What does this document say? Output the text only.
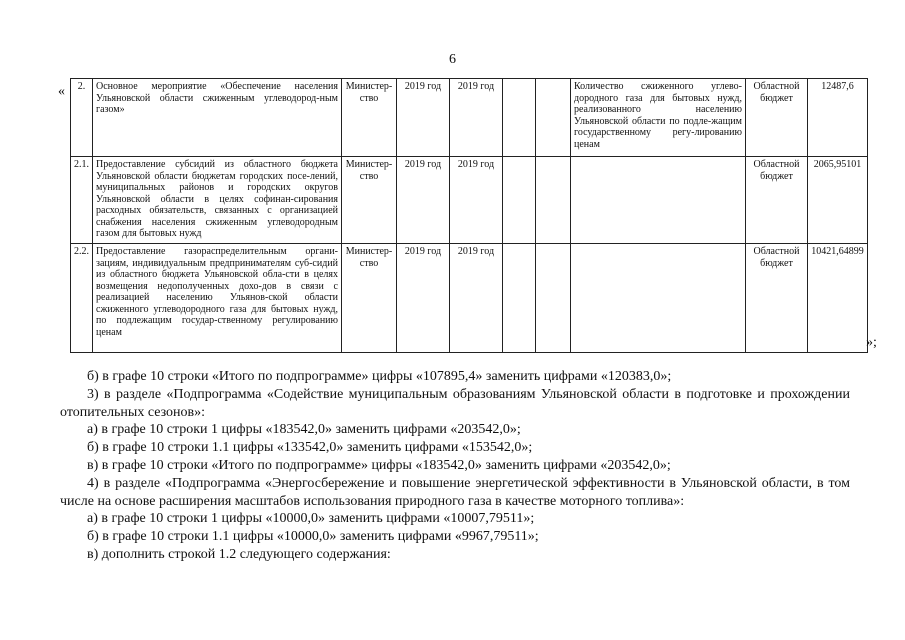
6
« 2.	Основное мероприятие «Обеспечение населения Ульяновской области сжиженным углеводород-ным газом»	Министер-ство	2019 год	2019 год			Количество сжиженного углево-дородного газа для бытовых нужд, реализованного населению Ульяновской области по подле-жащим государственному регу-лированию ценам	Областной бюджет	12487,6
2.1.	Предоставление субсидий из областного бюджета Ульяновской области бюджетам городских посе-лений, муниципальных районов и городских округов Ульяновской области в целях софинан-сирования расходных обязательств, связанных с организацией снабжения населения сжиженным углеводородным газом для бытовых нужд	Министер-ство	2019 год	2019 год				Областной бюджет	2065,95101
2.2.	Предоставление газораспределительным органи-зациям, индивидуальным предпринимателям суб-сидий из областного бюджета Ульяновской обла-сти в целях возмещения недополученных дохо-дов в связи с реализацией населению Ульянов-ской области сжиженного углеводородного газа для бытовых нужд, по подлежащим государ-ственному регулированию ценам	Министер-ство	2019 год	2019 год				Областной бюджет	10421,64899
»;

б) в графе 10 строки «Итого по подпрограмме» цифры «107895,4» заменить цифрами «120383,0»;

3) в разделе «Подпрограмма «Содействие муниципальным образованиям Ульяновской области в подготовке и прохождении отопительных сезонов»:

а) в графе 10 строки 1 цифры «183542,0» заменить цифрами «203542,0»;

б) в графе 10 строки 1.1 цифры «133542,0» заменить цифрами «153542,0»;

в) в графе 10 строки «Итого по подпрограмме» цифры «183542,0» заменить цифрами «203542,0»;

4) в разделе «Подпрограмма «Энергосбережение и повышение энергетической эффективности в Ульяновской области, в том числе на основе расширения масштабов использования природного газа в качестве моторного топлива»:

а) в графе 10 строки 1 цифры «10000,0» заменить цифрами «10007,79511»;

б) в графе 10 строки 1.1 цифры «10000,0» заменить цифрами «9967,79511»;

в) дополнить строкой 1.2 следующего содержания:
